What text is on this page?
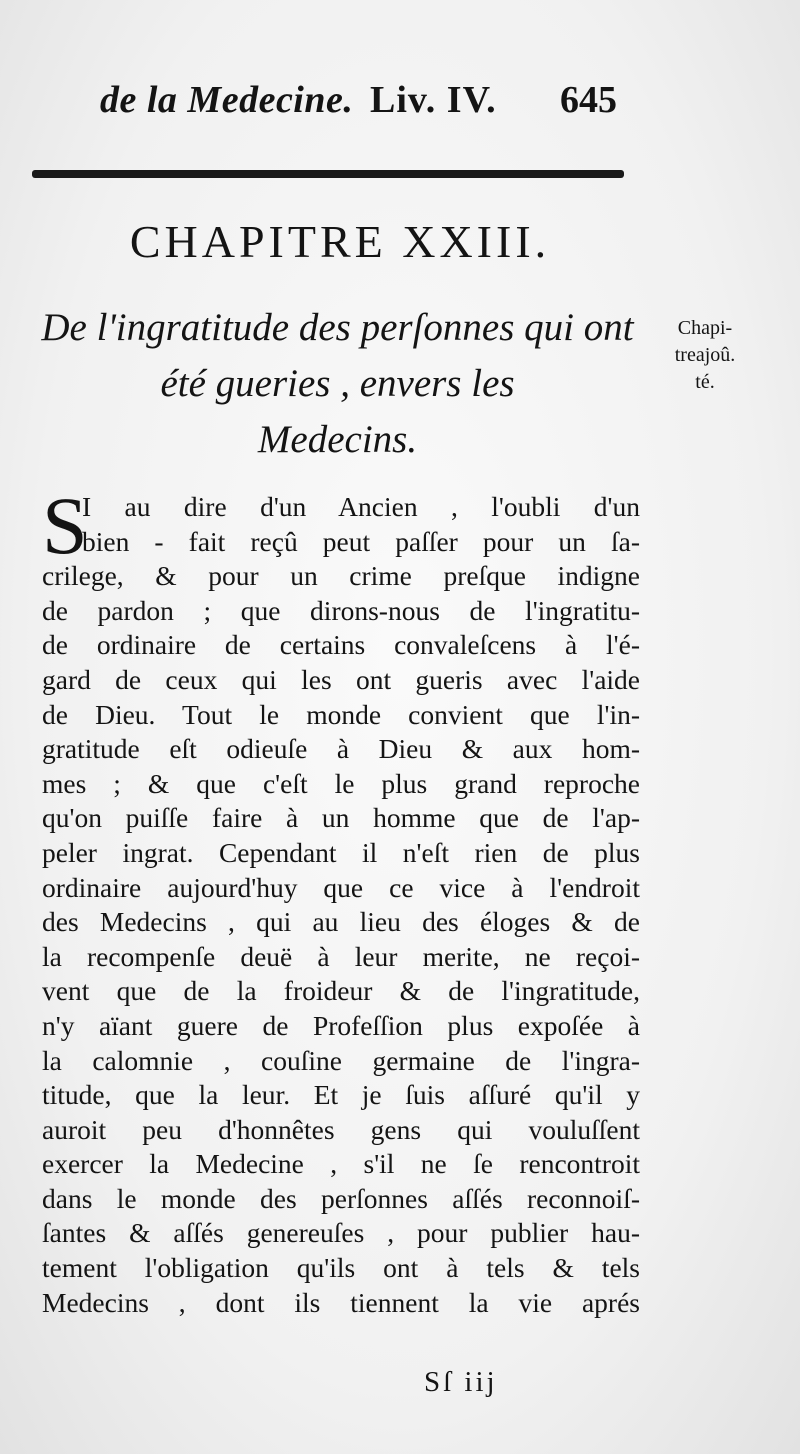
de la Medecine. Liv. IV. 645
CHAPITRE XXIII.
De l'ingratitude des perſonnes qui ont
été gueries , envers les
Medecins.
Chapi-
treajoû.
té.
S
I au dire d'un Ancien , l'oubli d'un
bien - fait reçû peut paſſer pour un ſa-
crilege, & pour un crime preſque indigne
de pardon ; que dirons-nous de l'ingratitu-
de ordinaire de certains convaleſcens à l'é-
gard de ceux qui les ont gueris avec l'aide
de Dieu. Tout le monde convient que l'in-
gratitude eſt odieuſe à Dieu & aux hom-
mes ; & que c'eſt le plus grand reproche
qu'on puiſſe faire à un homme que de l'ap-
peler ingrat. Cependant il n'eſt rien de plus
ordinaire aujourd'huy que ce vice à l'endroit
des Medecins , qui au lieu des éloges & de
la recompenſe deuë à leur merite, ne reçoi-
vent que de la froideur & de l'ingratitude,
n'y aïant guere de Profeſſion plus expoſée à
la calomnie , couſine germaine de l'ingra-
titude, que la leur. Et je ſuis aſſuré qu'il y
auroit peu d'honnêtes gens qui vouluſſent
exercer la Medecine , s'il ne ſe rencontroit
dans le monde des perſonnes aſſés reconnoiſ-
ſantes & aſſés genereuſes , pour publier hau-
tement l'obligation qu'ils ont à tels & tels
Medecins , dont ils tiennent la vie aprés
Sſ iij
